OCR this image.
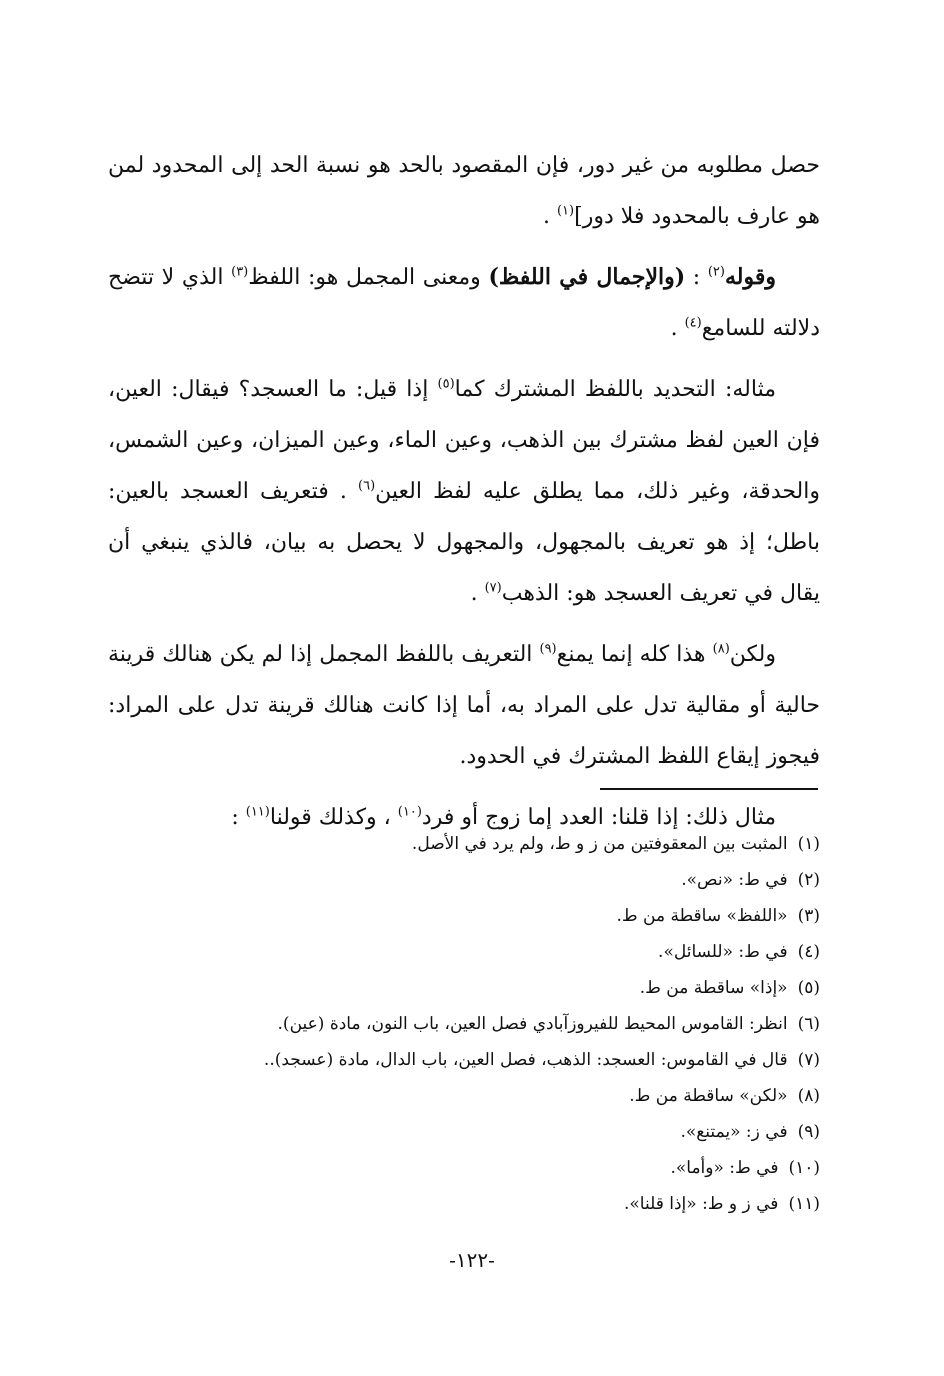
حصل مطلوبه من غير دور، فإن المقصود بالحد هو نسبة الحد إلى المحدود لمن هو عارف بالمحدود فلا دور]$^{(١)}$ .

وقوله$^{(٢)}$ : (والإجمال في اللفظ) ومعنى المجمل هو: اللفظ$^{(٣)}$ الذي لا تتضح دلالته للسامع$^{(٤)}$ .

مثاله: التحديد باللفظ المشترك كما$^{(٥)}$ إذا قيل: ما العسجد؟ فيقال: العين، فإن العين لفظ مشترك بين الذهب، وعين الماء، وعين الميزان، وعين الشمس، والحدقة، وغير ذلك، مما يطلق عليه لفظ العين$^{(٦)}$ . فتعريف العسجد بالعين: باطل؛ إذ هو تعريف بالمجهول، والمجهول لا يحصل به بيان، فالذي ينبغي أن يقال في تعريف العسجد هو: الذهب$^{(٧)}$ .

ولكن$^{(٨)}$ هذا كله إنما يمنع$^{(٩)}$ التعريف باللفظ المجمل إذا لم يكن هنالك قرينة حالية أو مقالية تدل على المراد به، أما إذا كانت هنالك قرينة تدل على المراد: فيجوز إيقاع اللفظ المشترك في الحدود.

مثال ذلك: إذا قلنا: العدد إما زوج أو فرد$^{(١٠)}$ ، وكذلك قولنا$^{(١١)}$ :

(١)المثبت بين المعقوفتين من ز و ط، ولم يرد في الأصل.
(٢)في ط: «نص».
(٣)«اللفظ» ساقطة من ط.
(٤)في ط: «للسائل».
(٥)«إذا» ساقطة من ط.
(٦)انظر: القاموس المحيط للفيروزآبادي فصل العين، باب النون، مادة (عين).
(٧)قال في القاموس: العسجد: الذهب، فصل العين، باب الدال، مادة (عسجد)..
(٨)«لكن» ساقطة من ط.
(٩)في ز: «يمتنع».
(١٠)في ط: «وأما».
(١١)في ز و ط: «إذا قلنا».
-١٢٢-
